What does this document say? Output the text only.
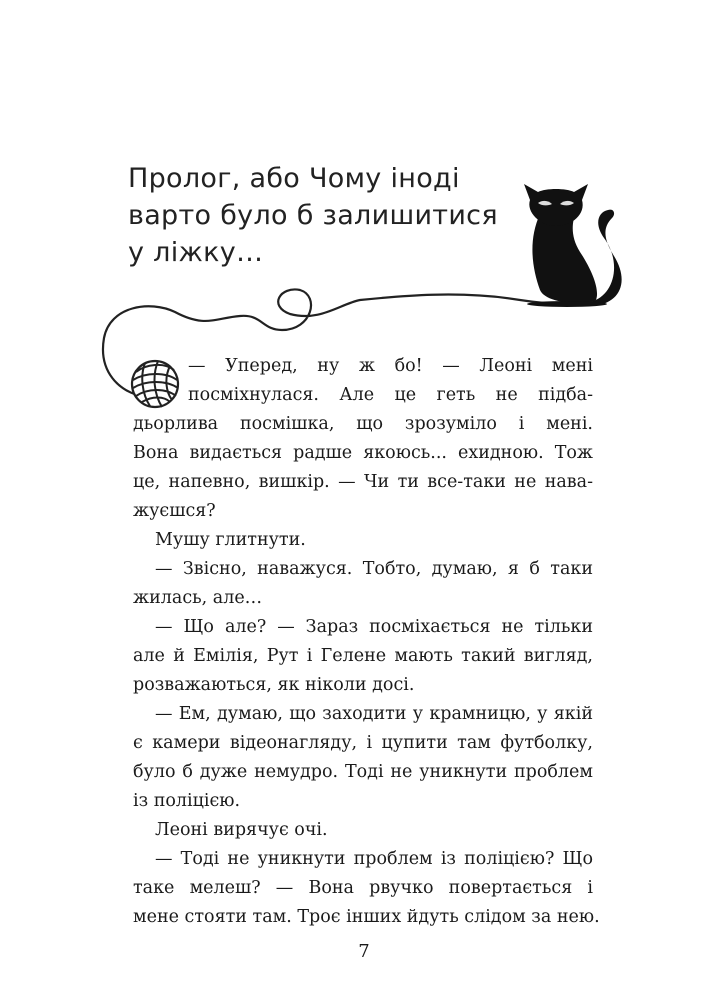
Пролог, або Чому іноді
варто було б залишитися
у ліжку…
— Уперед, ну ж бо! — Леоні мені
посміхнулася. Але це геть не підба-
дьорлива посмішка, що зрозуміло і мені.
Вона видається радше якоюсь... ехидною. Тож
це, напевно, вишкір. — Чи ти все-таки не нава-
жуєшся?
Мушу глитнути.
— Звісно, наважуся. Тобто, думаю, я б таки
жилась, але…
— Що але? — Зараз посміхається не тільки
але й Емілія, Рут і Гелене мають такий вигляд,
розважаються, як ніколи досі.
— Ем, думаю, що заходити у крамницю, у якій
є камери відеонагляду, і цупити там футболку,
було б дуже немудро. Тоді не уникнути проблем
із поліцією.
Леоні вирячує очі.
— Тоді не уникнути проблем із поліцією? Що
таке мелеш? — Вона рвучко повертається і
мене стояти там. Троє інших йдуть слідом за нею.
7
